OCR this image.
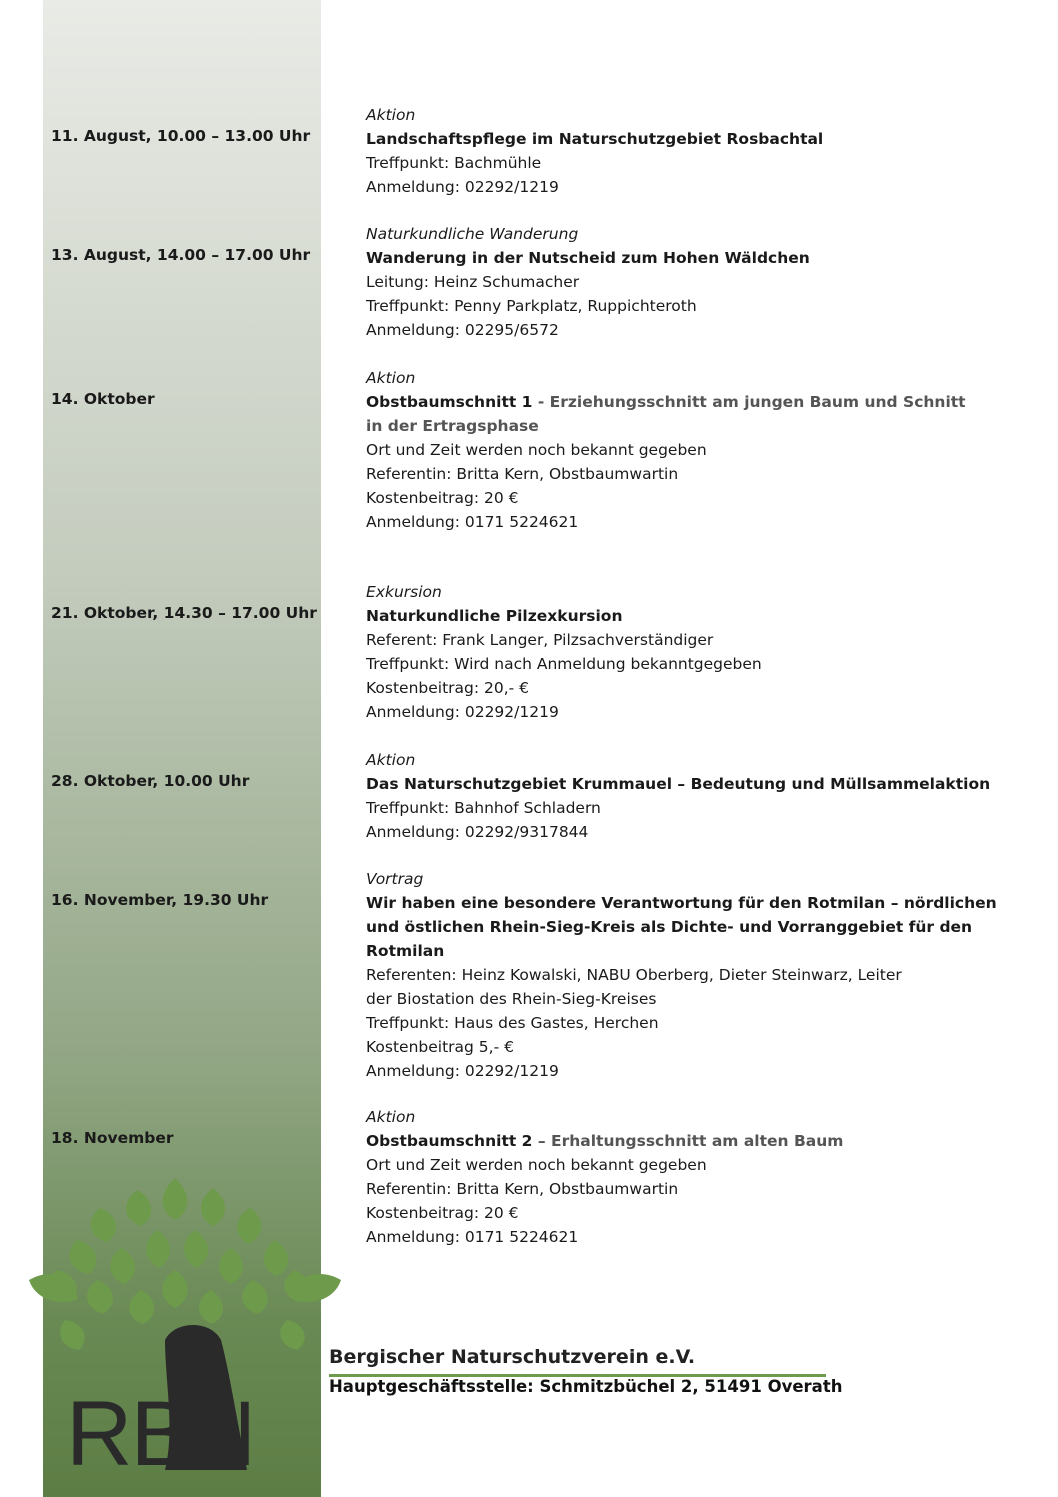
11. August, 10.00 – 13.00 Uhr
Aktion
Landschaftspflege im Naturschutzgebiet Rosbachtal
Treffpunkt: Bachmühle
Anmeldung: 02292/1219
13. August, 14.00 – 17.00 Uhr
Naturkundliche Wanderung
Wanderung in der Nutscheid zum Hohen Wäldchen
Leitung: Heinz Schumacher
Treffpunkt: Penny Parkplatz, Ruppichteroth
Anmeldung: 02295/6572
14. Oktober
Aktion
Obstbaumschnitt 1 - Erziehungsschnitt am jungen Baum und Schnitt
in der Ertragsphase
Ort und Zeit werden noch bekannt gegeben
Referentin: Britta Kern, Obstbaumwartin
Kostenbeitrag: 20 €
Anmeldung: 0171 5224621
21. Oktober, 14.30 – 17.00 Uhr
Exkursion
Naturkundliche Pilzexkursion
Referent: Frank Langer, Pilzsachverständiger
Treffpunkt: Wird nach Anmeldung bekanntgegeben
Kostenbeitrag: 20,- €
Anmeldung: 02292/1219
28. Oktober, 10.00 Uhr
Aktion
Das Naturschutzgebiet Krummauel – Bedeutung und Müllsammelaktion
Treffpunkt: Bahnhof Schladern
Anmeldung: 02292/9317844
16. November, 19.30 Uhr
Vortrag
Wir haben eine besondere Verantwortung für den Rotmilan – nördlichen
und östlichen Rhein-Sieg-Kreis als Dichte- und Vorranggebiet für den
Rotmilan
Referenten: Heinz Kowalski, NABU Oberberg, Dieter Steinwarz, Leiter
der Biostation des Rhein-Sieg-Kreises
Treffpunkt: Haus des Gastes, Herchen
Kostenbeitrag 5,- €
Anmeldung: 02292/1219
18. November
Aktion
Obstbaumschnitt 2 – Erhaltungsschnitt am alten Baum
Ort und Zeit werden noch bekannt gegeben
Referentin: Britta Kern, Obstbaumwartin
Kostenbeitrag: 20 €
Anmeldung: 0171 5224621
RBN
Bergischer Naturschutzverein e.V.
Hauptgeschäftsstelle: Schmitzbüchel 2, 51491 Overath
